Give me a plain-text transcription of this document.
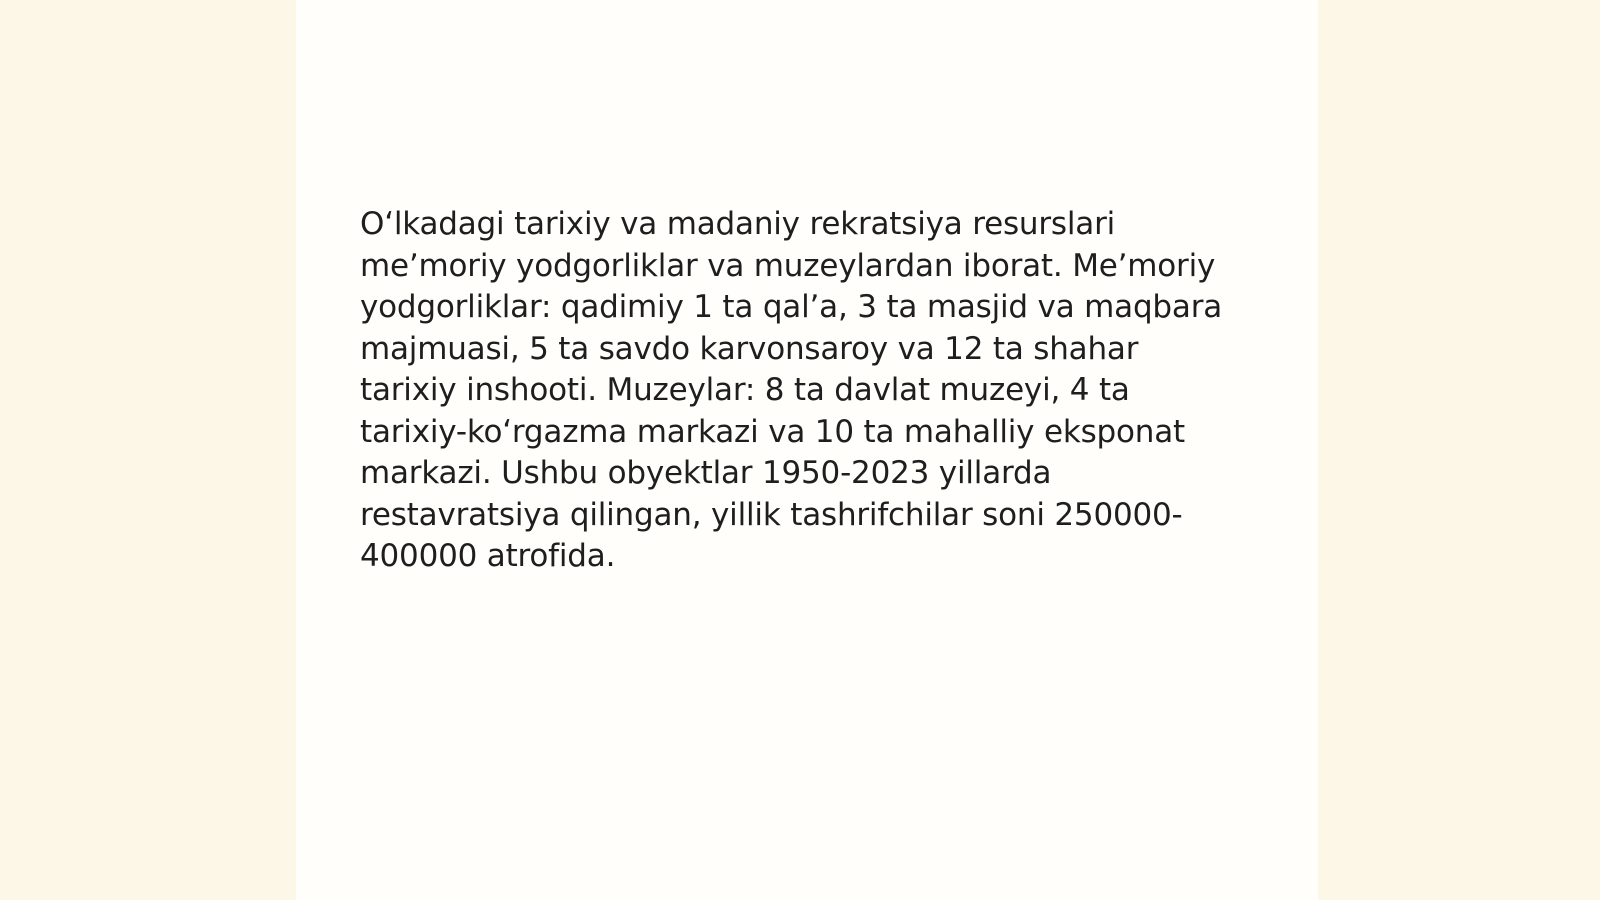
O‘lkadagi tarixiy va madaniy rekratsiya resurslari me’moriy yodgorliklar va muzeylardan iborat. Me’moriy yodgorliklar: qadimiy 1 ta qal’a, 3 ta masjid va maqbara majmuasi, 5 ta savdo karvonsaroy va 12 ta shahar tarixiy inshooti. Muzeylar: 8 ta davlat muzeyi, 4 ta tarixiy-ko‘rgazma markazi va 10 ta mahalliy eksponat markazi. Ushbu obyektlar 1950-2023 yillarda restavratsiya qilingan, yillik tashrifchilar soni 250000-400000 atrofida.
